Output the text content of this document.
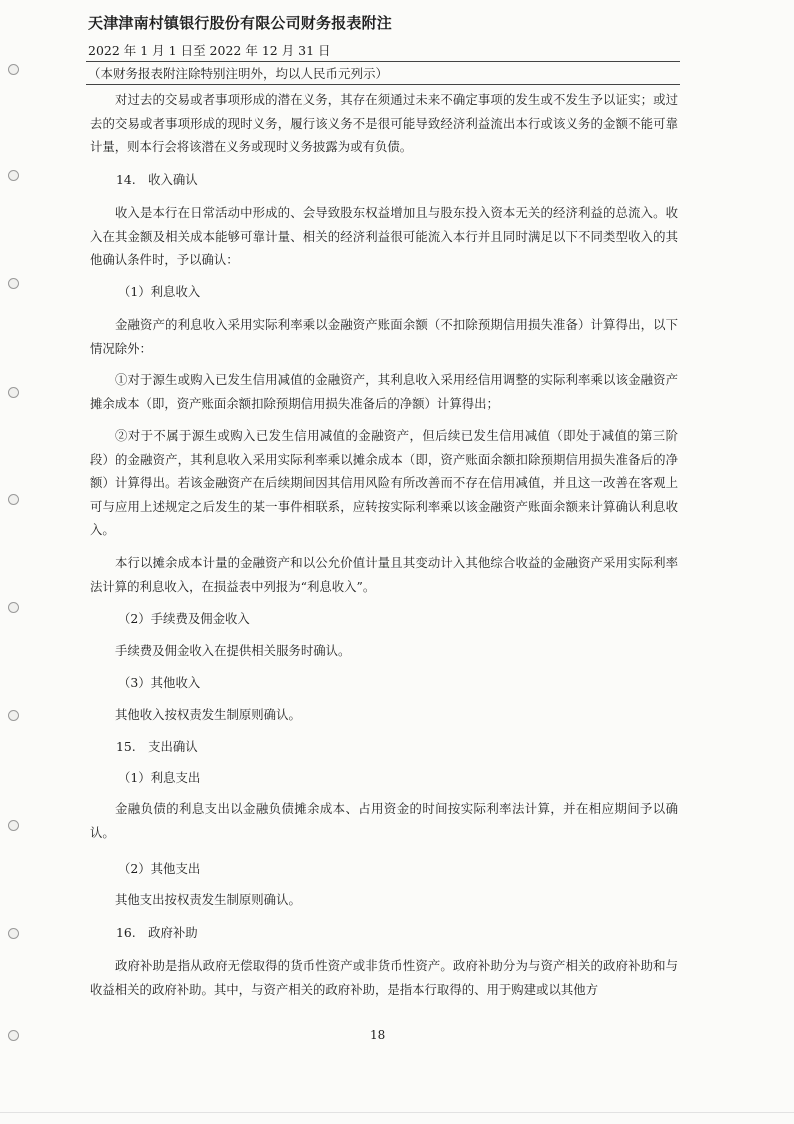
天津津南村镇银行股份有限公司财务报表附注
2022 年 1 月 1 日至 2022 年 12 月 31 日
（本财务报表附注除特别注明外，均以人民币元列示）

对过去的交易或者事项形成的潜在义务，其存在须通过未来不确定事项的发生或不发生予以证实；或过去的交易或者事项形成的现时义务，履行该义务不是很可能导致经济利益流出本行或该义务的金额不能可靠计量，则本行会将该潜在义务或现时义务披露为或有负债。

14.　收入确认

收入是本行在日常活动中形成的、会导致股东权益增加且与股东投入资本无关的经济利益的总流入。收入在其金额及相关成本能够可靠计量、相关的经济利益很可能流入本行并且同时满足以下不同类型收入的其他确认条件时，予以确认：

（1）利息收入

金融资产的利息收入采用实际利率乘以金融资产账面余额（不扣除预期信用损失准备）计算得出，以下情况除外：

①对于源生或购入已发生信用减值的金融资产，其利息收入采用经信用调整的实际利率乘以该金融资产摊余成本（即，资产账面余额扣除预期信用损失准备后的净额）计算得出；

②对于不属于源生或购入已发生信用减值的金融资产，但后续已发生信用减值（即处于减值的第三阶段）的金融资产，其利息收入采用实际利率乘以摊余成本（即，资产账面余额扣除预期信用损失准备后的净额）计算得出。若该金融资产在后续期间因其信用风险有所改善而不存在信用减值，并且这一改善在客观上可与应用上述规定之后发生的某一事件相联系，应转按实际利率乘以该金融资产账面余额来计算确认利息收入。

本行以摊余成本计量的金融资产和以公允价值计量且其变动计入其他综合收益的金融资产采用实际利率法计算的利息收入，在损益表中列报为“利息收入”。

（2）手续费及佣金收入

手续费及佣金收入在提供相关服务时确认。

（3）其他收入

其他收入按权责发生制原则确认。

15.　支出确认
（1）利息支出

金融负债的利息支出以金融负债摊余成本、占用资金的时间按实际利率法计算，并在相应期间予以确认。

（2）其他支出

其他支出按权责发生制原则确认。

16.　政府补助

政府补助是指从政府无偿取得的货币性资产或非货币性资产。政府补助分为与资产相关的政府补助和与收益相关的政府补助。其中，与资产相关的政府补助，是指本行取得的、用于购建或以其他方

18
